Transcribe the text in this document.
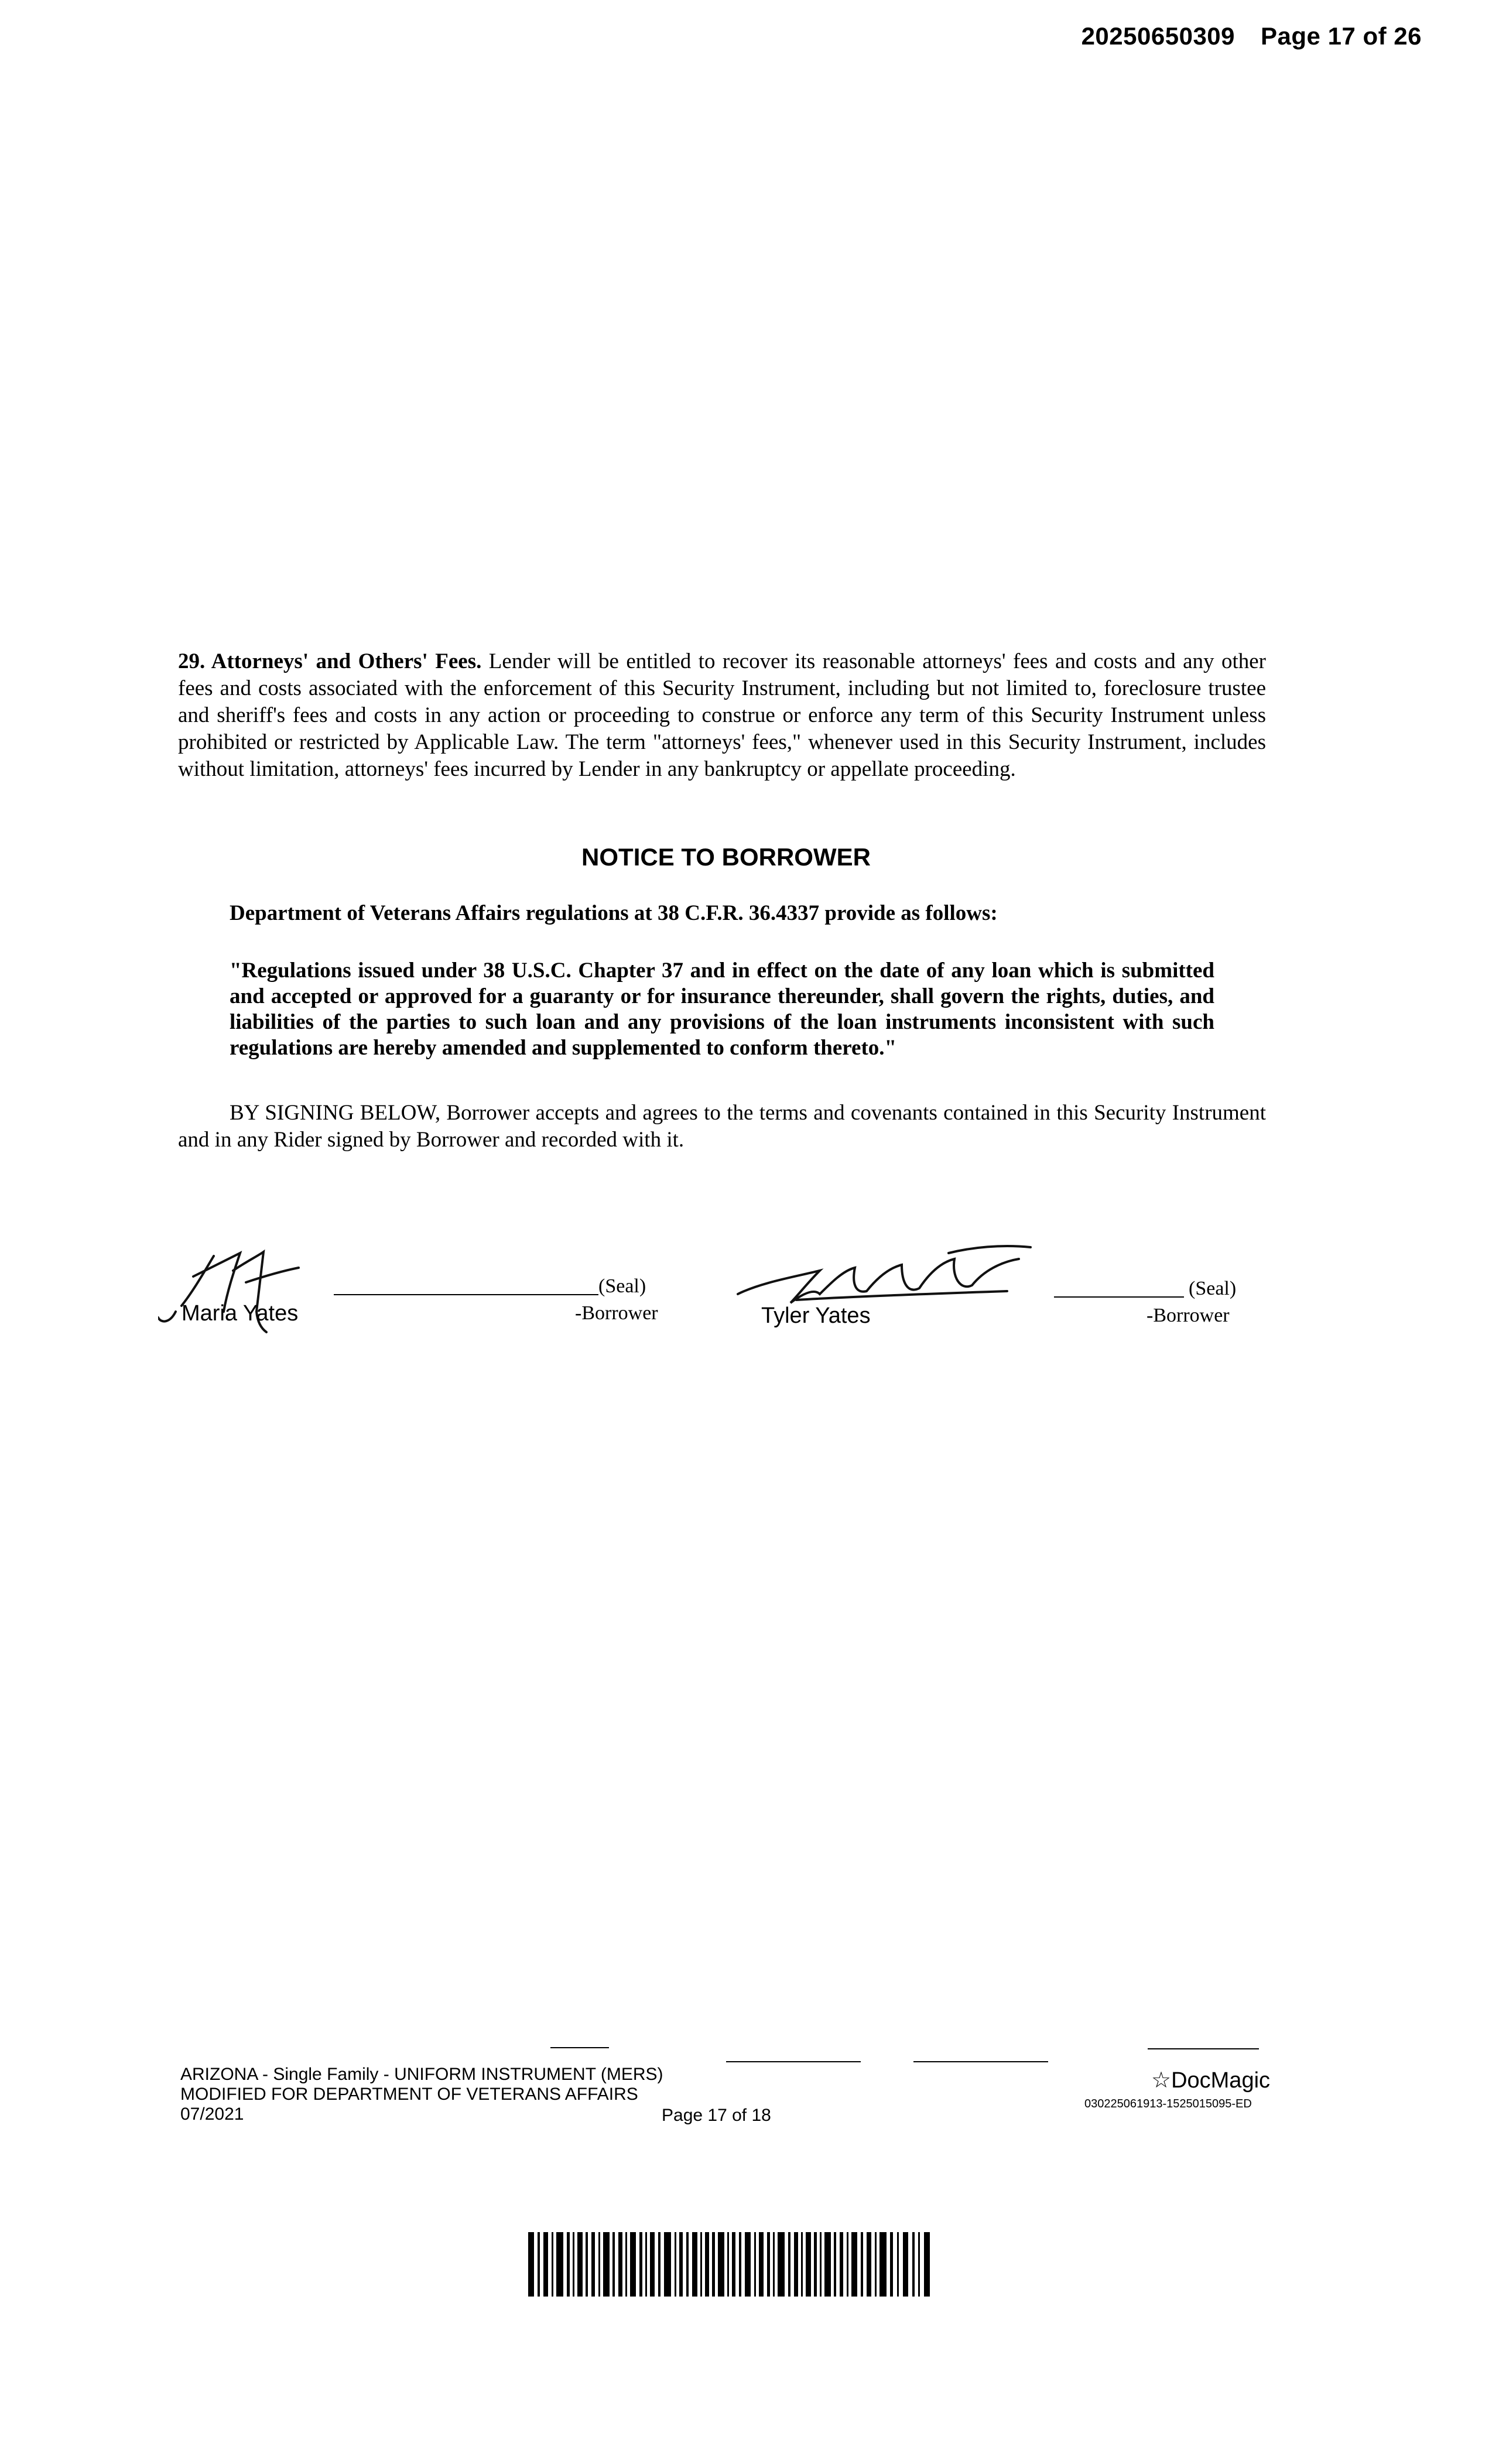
20250650309 Page 17 of 26
29. Attorneys' and Others' Fees. Lender will be entitled to recover its reasonable attorneys' fees and costs and any other fees and costs associated with the enforcement of this Security Instrument, including but not limited to, foreclosure trustee and sheriff's fees and costs in any action or proceeding to construe or enforce any term of this Security Instrument unless prohibited or restricted by Applicable Law. The term "attorneys' fees," whenever used in this Security Instrument, includes without limitation, attorneys' fees incurred by Lender in any bankruptcy or appellate proceeding.
NOTICE TO BORROWER
Department of Veterans Affairs regulations at 38 C.F.R. 36.4337 provide as follows:
"Regulations issued under 38 U.S.C. Chapter 37 and in effect on the date of any loan which is submitted and accepted or approved for a guaranty or for insurance thereunder, shall govern the rights, duties, and liabilities of the parties to such loan and any provisions of the loan instruments inconsistent with such regulations are hereby amended and supplemented to conform thereto."
BY SIGNING BELOW, Borrower accepts and agrees to the terms and covenants contained in this Security Instrument and in any Rider signed by Borrower and recorded with it.
(Seal)
Maria Yates	-Borrower
(Seal)
Tyler Yates	-Borrower
ARIZONA - Single Family - UNIFORM INSTRUMENT (MERS)
MODIFIED FOR DEPARTMENT OF VETERANS AFFAIRS
07/2021	Page 17 of 18
☆DocMagic
030225061913-1525015095-ED
